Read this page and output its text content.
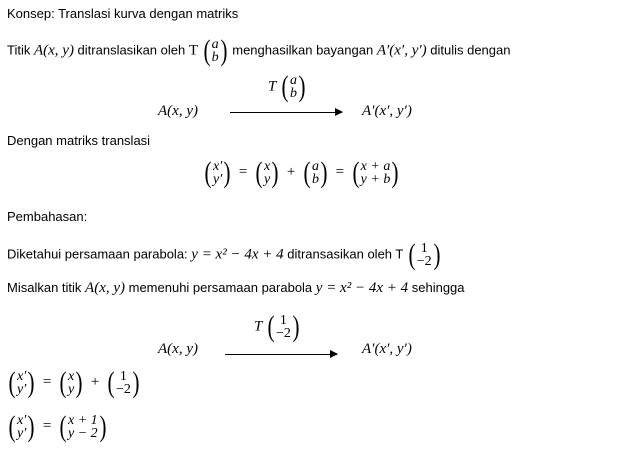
Konsep: Translasi kurva dengan matriks
Titik A(x, y) ditranslasikan oleh T ( a
b ) menghasilkan bayangan A′(x′, y′) ditulis dengan
T ( a
b )
A(x, y)	A′(x′, y′)
Dengan matriks translasi
( x′
y′ ) = ( x
y ) + ( a
b ) = ( x + a
y + b )
Pembahasan:
Diketahui persamaan parabola: y = x² − 4x + 4 ditransasikan oleh T ( 1
−2 )
Misalkan titik A(x, y) memenuhi persamaan parabola y = x² − 4x + 4 sehingga
T ( 1
−2 )
A(x, y)	A′(x′, y′)
( x′
y′ ) = ( x
y ) + ( 1
−2 )
( x′
y′ ) = ( x + 1
y − 2 )
